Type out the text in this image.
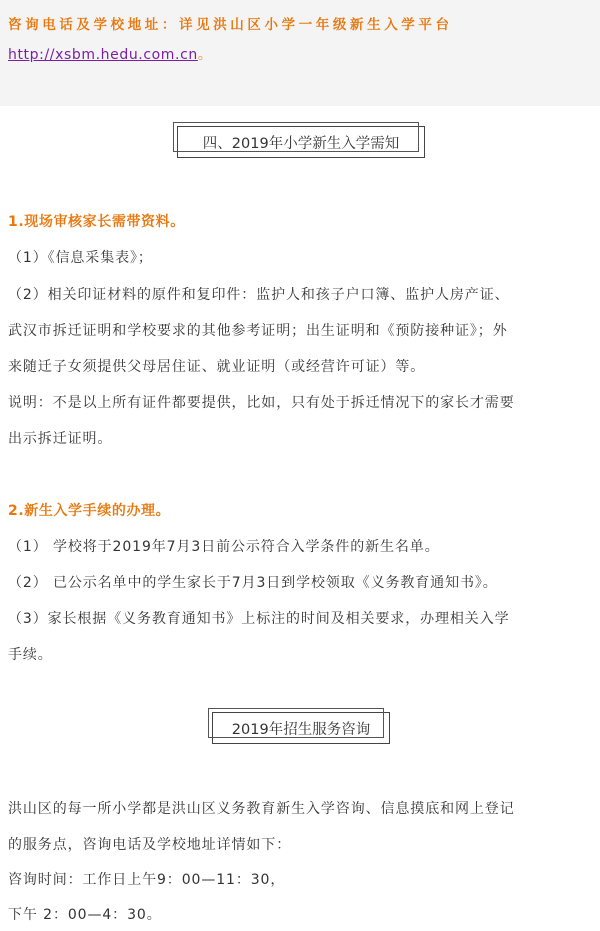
咨询电话及学校地址：详见洪山区小学一年级新生入学平台
http://xsbm.hedu.com.cn。
四、2019年小学新生入学需知
1.现场审核家长需带资料。
（1）《信息采集表》；
（2）相关印证材料的原件和复印件：监护人和孩子户口簿、监护人房产证、
武汉市拆迁证明和学校要求的其他参考证明；出生证明和《预防接种证》；外
来随迁子女须提供父母居住证、就业证明（或经营许可证）等。
说明：不是以上所有证件都要提供，比如，只有处于拆迁情况下的家长才需要
出示拆迁证明。
2.新生入学手续的办理。
（1） 学校将于2019年7月3日前公示符合入学条件的新生名单。
（2） 已公示名单中的学生家长于7月3日到学校领取《义务教育通知书》。
（3）家长根据《义务教育通知书》上标注的时间及相关要求，办理相关入学
手续。
2019年招生服务咨询
洪山区的每一所小学都是洪山区义务教育新生入学咨询、信息摸底和网上登记
的服务点，咨询电话及学校地址详情如下：
咨询时间：工作日上午9：00—11：30，
下午 2：00—4：30。
